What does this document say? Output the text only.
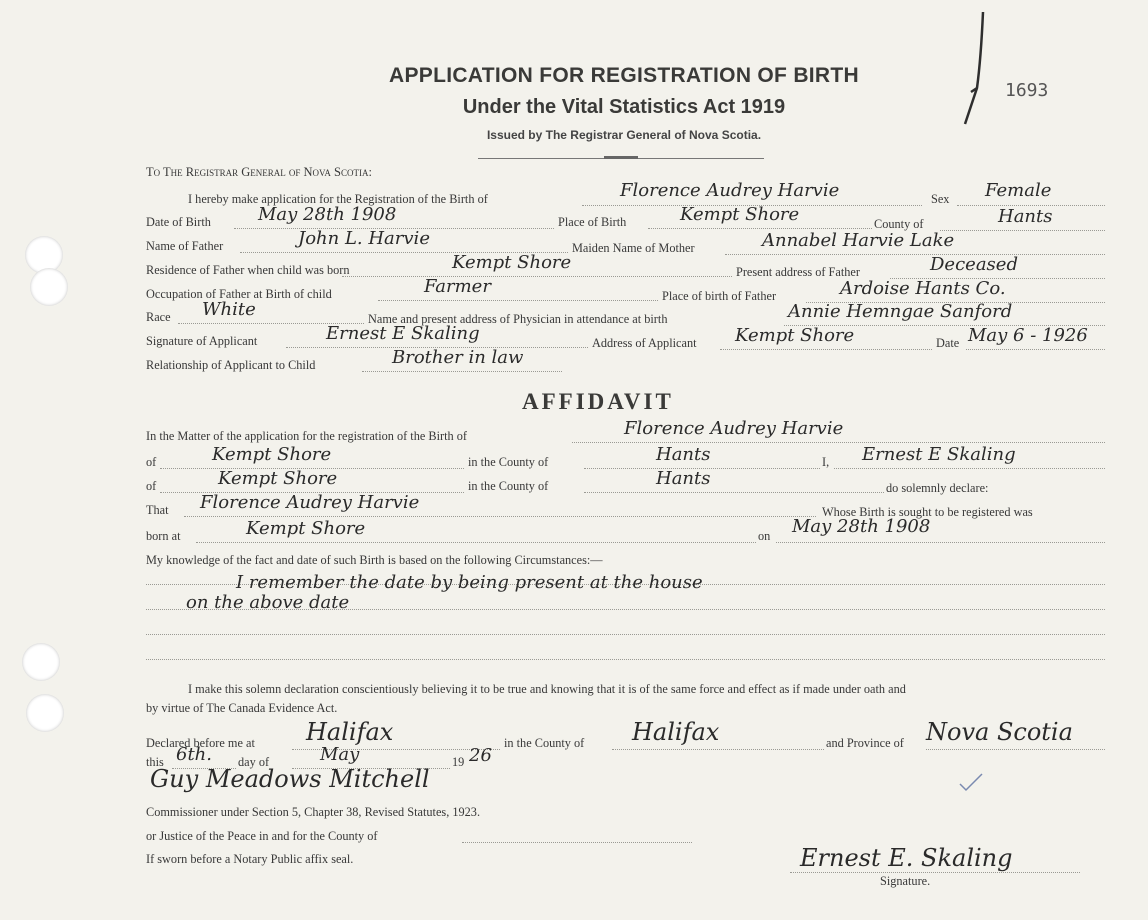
1693
APPLICATION FOR REGISTRATION OF BIRTH
Under the Vital Statistics Act 1919
Issued by The Registrar General of Nova Scotia.
To The Registrar General of Nova Scotia:
I hereby make application for the Registration of the Birth of	Florence Audrey Harvie	Sex Female
Date of Birth	May 28th 1908	Place of Birth	Kempt Shore	County of	Hants
Name of Father	John L. Harvie	Maiden Name of Mother	Annabel Harvie Lake
Residence of Father when child was born	Kempt Shore	Present address of Father	Deceased
Occupation of Father at Birth of child	Farmer	Place of birth of Father	Ardoise Hants Co.
Race White	Name and present address of Physician in attendance at birth	Annie Hemngae Sanford
Signature of Applicant	Ernest E Skaling	Address of Applicant Kempt Shore	Date May 6 - 1926
Relationship of Applicant to Child	Brother in law
AFFIDAVIT
In the Matter of the application for the registration of the Birth of	Florence Audrey Harvie
of	Kempt Shore	in the County of	Hants	I, Ernest E Skaling
of	Kempt Shore	in the County of	Hants	do solemnly declare:
That Florence Audrey Harvie	Whose Birth is sought to be registered was
born at	Kempt Shore	on May 28th 1908
My knowledge of the fact and date of such Birth is based on the following Circumstances:—
I remember the date by being present at the house
on the above date
I make this solemn declaration conscientiously believing it to be true and knowing that it is of the same force and effect as if made under oath and
by virtue of The Canada Evidence Act.
Declared before me at Halifax	in the County of Halifax	and Province of Nova Scotia
this 6th. day of	May	19 26
Guy Meadows Mitchell
Commissioner under Section 5, Chapter 38, Revised Statutes, 1923.
or Justice of the Peace in and for the County of
If sworn before a Notary Public affix seal.	Ernest E. Skaling
Signature.
